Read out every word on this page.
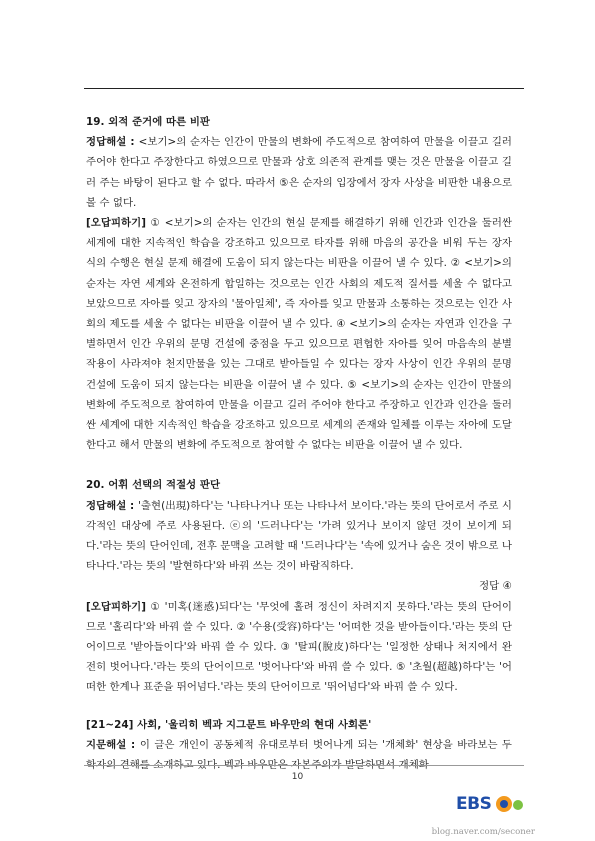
19. 외적 준거에 따른 비판

정답해설 : <보기>의 순자는 인간이 만물의 변화에 주도적으로 참여하여 만물을 이끌고 길러 주어야 한다고 주장한다고 하였으므로 만물과 상호 의존적 관계를 맺는 것은 만물을 이끌고 길러 주는 바탕이 된다고 할 수 없다. 따라서 ⑤은 순자의 입장에서 장자 사상을 비판한 내용으로 볼 수 없다.

[오답피하기] ① <보기>의 순자는 인간의 현실 문제를 해결하기 위해 인간과 인간을 둘러싼 세계에 대한 지속적인 학습을 강조하고 있으므로 타자를 위해 마음의 공간을 비워 두는 장자 식의 수행은 현실 문제 해결에 도움이 되지 않는다는 비판을 이끌어 낼 수 있다. ② <보기>의 순자는 자연 세계와 온전하게 합일하는 것으로는 인간 사회의 제도적 질서를 세울 수 없다고 보았으므로 자아를 잊고 장자의 '물아일체', 즉 자아를 잊고 만물과 소통하는 것으로는 인간 사회의 제도를 세울 수 없다는 비판을 이끌어 낼 수 있다. ④ <보기>의 순자는 자연과 인간을 구별하면서 인간 우위의 문명 건설에 중점을 두고 있으므로 편협한 자아를 잊어 마음속의 분별 작용이 사라져야 천지만물을 있는 그대로 받아들일 수 있다는 장자 사상이 인간 우위의 문명 건설에 도움이 되지 않는다는 비판을 이끌어 낼 수 있다. ⑤ <보기>의 순자는 인간이 만물의 변화에 주도적으로 참여하여 만물을 이끌고 길러 주어야 한다고 주장하고 인간과 인간을 둘러싼 세계에 대한 지속적인 학습을 강조하고 있으므로 세계의 존재와 일체를 이루는 자아에 도달한다고 해서 만물의 변화에 주도적으로 참여할 수 없다는 비판을 이끌어 낼 수 있다.

20. 어휘 선택의 적절성 판단

정답해설 : '출현(出現)하다'는 '나타나거나 또는 나타나서 보이다.'라는 뜻의 단어로서 주로 시각적인 대상에 주로 사용된다. ⓔ의 '드러나다'는 '가려 있거나 보이지 않던 것이 보이게 되다.'라는 뜻의 단어인데, 전후 문맥을 고려할 때 '드러나다'는 '속에 있거나 숨은 것이 밖으로 나타나다.'라는 뜻의 '발현하다'와 바꿔 쓰는 것이 바람직하다.

정답 ④

[오답피하기] ① '미혹(迷惑)되다'는 '무엇에 홀려 정신이 차려지지 못하다.'라는 뜻의 단어이므로 '홀리다'와 바꿔 쓸 수 있다. ② '수용(受容)하다'는 '어떠한 것을 받아들이다.'라는 뜻의 단어이므로 '받아들이다'와 바꿔 쓸 수 있다. ③ '탈피(脫皮)하다'는 '일정한 상태나 처지에서 완전히 벗어나다.'라는 뜻의 단어이므로 '벗어나다'와 바꿔 쓸 수 있다. ⑤ '초월(超越)하다'는 '어떠한 한계나 표준을 뛰어넘다.'라는 뜻의 단어이므로 '뛰어넘다'와 바꿔 쓸 수 있다.

[21~24] 사회, '울리히 벡과 지그문트 바우만의 현대 사회론'

지문해설 : 이 글은 개인이 공동체적 유대로부터 벗어나게 되는 '개체화' 현상을 바라보는 두 학자의 견해를 소개하고 있다. 벡과 바우만은 자본주의가 발달하면서 개체화

10
EBS
blog.naver.com/seconer
